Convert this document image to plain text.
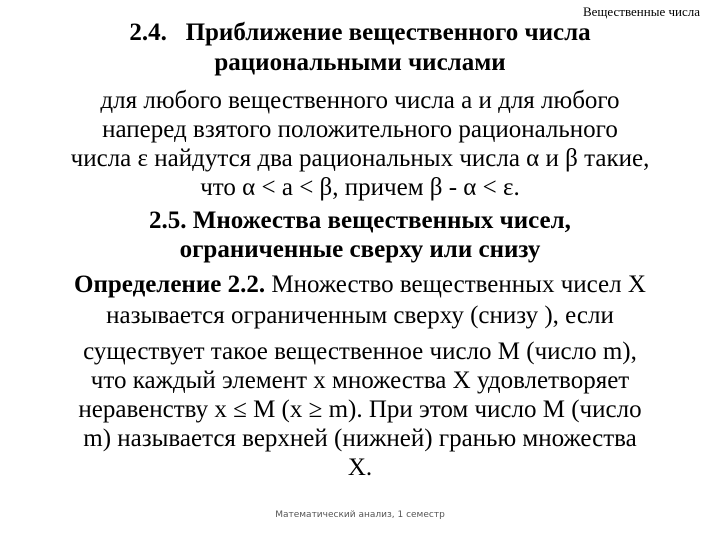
Вещественные числа
2.4. Приближение вещественного числа
рациональными числами
для любого вещественного числа a и для любого
наперед взятого положительного рационального
числа ε найдутся два рациональных числа α и β такие,
что α < a < β, причем β - α < ε.
2.5. Множества вещественных чисел,
ограниченные сверху или снизу
Определение 2.2. Множество вещественных чисел X
называется ограниченным сверху (снизу ), если
существует такое вещественное число M (число m),
что каждый элемент x множества X удовлетворяет
неравенству x ≤ M (x ≥ m). При этом число M (число
m) называется верхней (нижней) гранью множества
X.
Математический анализ, 1 семестр
